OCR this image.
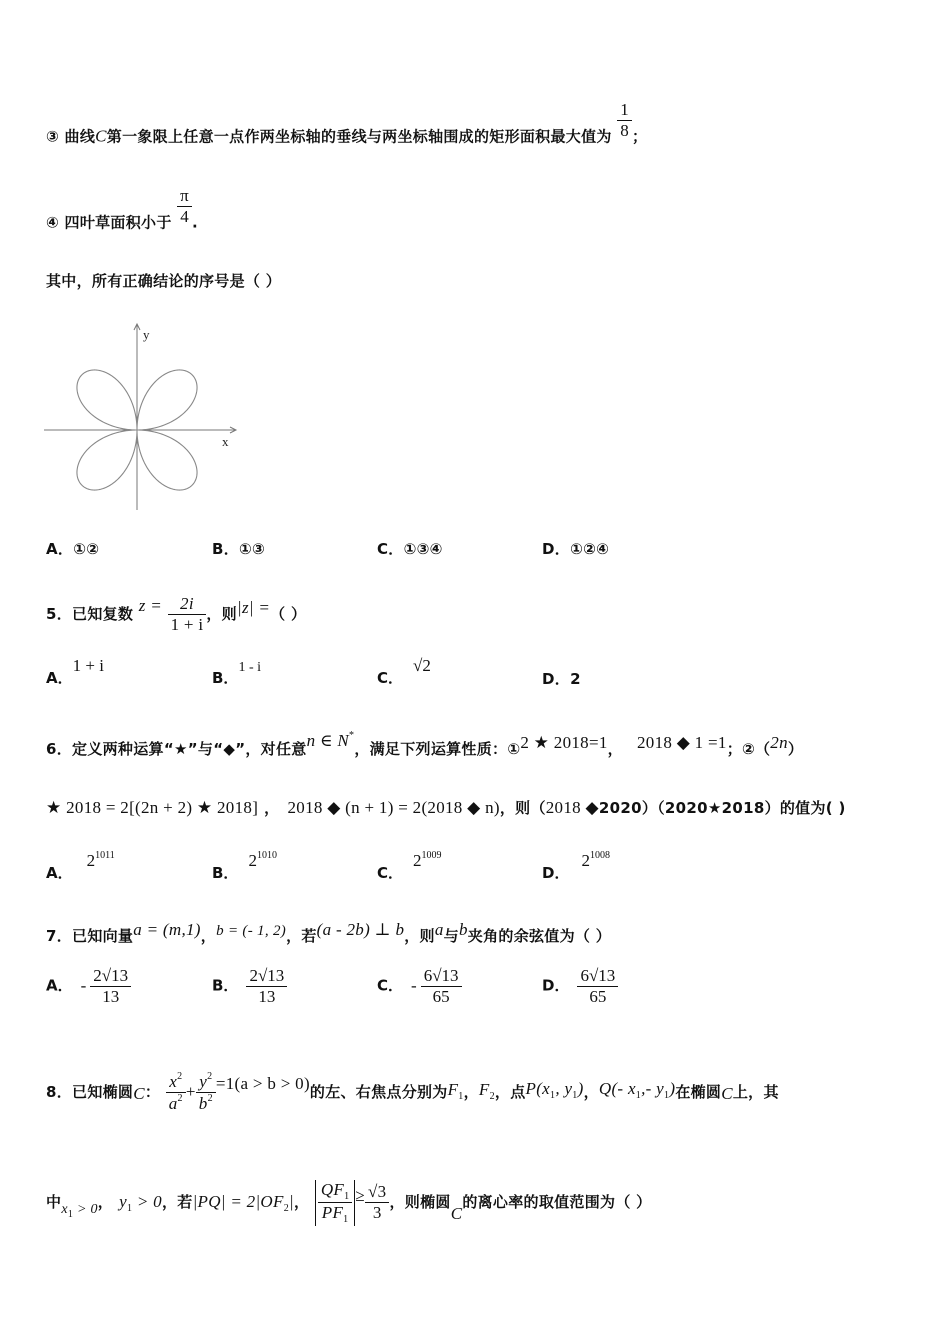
③ 曲线C第一象限上任意一点作两坐标轴的垂线与两坐标轴围成的矩形面积最大值为 $\frac{1}{8}$ ；
④ 四叶草面积小于 $\frac{\pi}{4}$ .
其中，所有正确结论的序号是（ ）
y
x
A．①②	B．①③	C．①③④	D．①②④
5．已知复数 $z = \frac{2i}{1 + i}$ ，则|z| =（ ）
A．1 + i
B．1 - i
C．√2
D．2
6．定义两种运算“★”与“◆”，对任意n ∈ N*，满足下列运算性质：①2 ★ 2018=1， 2018 ◆ 1 =1；②（2n）
★ 2018 = 2[(2n + 2) ★ 2018] ， 2018 ◆ (n + 1) = 2(2018 ◆ n)，则（2018 ◆2020）（2020★2018）的值为( )
A．$2^{1011}$
B．$2^{1010}$
C．$2^{1009}$
D．$2^{1008}$
7．已知向量a = (m,1)，b = (- 1, 2)，若(a - 2b) ⊥ b，则a与b夹角的余弦值为（ ）
A． - $\frac{2√13}{13}$	B． $\frac{2√13}{13}$	C． - $\frac{6√13}{65}$	D． $\frac{6√13}{65}$
8．已知椭圆C： $\frac{x^2}{a^2} + \frac{y^2}{b^2} =1(a > b > 0)$的左、右焦点分别为$F_1$，$F_2$，点$P(x_1$, $y_1$)，Q(- $x_1,-$ $y_1$)在椭圆C上，其
中$x_1 > 0$， $y_1 > 0$，若$|PQ| = 2|OF_2|$， $\frac{QF_1}{PF_1} \ge \frac{√3}{3}$ ，则椭圆C的离心率的取值范围为（ ）
